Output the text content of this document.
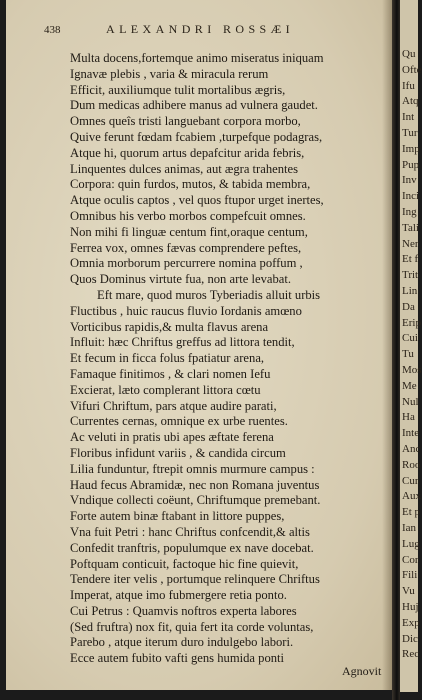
438	ALEXANDRI ROSSÆI
Multa docens,fortemque animo miseratus iniquam
Ignavæ plebis , varia & miracula rerum
Efficit, auxiliumque tulit mortalibus ægris,
Dum medicas adhibere manus ad vulnera gaudet.
Omnes queîs tristi languebant corpora morbo,
Quive ferunt fœdam fcabiem ,turpefque podagras,
Atque hi, quorum artus depafcitur arida febris,
Linquentes dulces animas, aut ægra trahentes
Corpora: quin furdos, mutos, & tabida membra,
Atque oculis captos , vel quos ftupor urget inertes,
Omnibus his verbo morbos compefcuit omnes.
Non mihi fi linguæ centum fint,oraque centum,
Ferrea vox, omnes fævas comprendere peftes,
Omnia morborum percurrere nomina poffum ,
Quos Dominus virtute fua, non arte levabat.
Eft mare, quod muros Tyberiadis alluit urbis
Fluctibus , huic raucus fluvio Iordanis amœno
Vorticibus rapidis,& multa flavus arena
Influit: hæc Chriftus greffus ad littora tendit,
Et fecum in ficca folus fpatiatur arena,
Famaque finitimos , & clari nomen Iefu
Excierat, læto complerant littora cœtu
Vifuri Chriftum, pars atque audire parati,
Currentes cernas, omnique ex urbe ruentes.
Ac veluti in pratis ubi apes æftate ferena
Floribus infidunt variis , & candida circum
Lilia funduntur, ftrepit omnis murmure campus :
Haud fecus Abramidæ, nec non Romana juventus
Vndique collecti coëunt, Chriftumque premebant.
Forte autem binæ ftabant in littore puppes,
Vna fuit Petri : hanc Chriftus confcendit,& altis
Confedit tranftris, populumque ex nave docebat.
Poftquam conticuit, factoque hic fine quievit,
Tendere iter velis , portumque relinquere Chriftus
Imperat, atque imo fubmergere retia ponto.
Cui Petrus : Quamvis noftros experta labores
(Sed fruftra) nox fit, quia fert ita corde voluntas,
Parebo , atque iterum duro indulgebo labori.
Ecce autem fubito vafti gens humida ponti
Agnovit
Qu
Ofte
Ifu
Atq
Int
Tur
Imp
Pup
Inv
Inci
Ing
Tali
Ner
Et f
Trit
Lin
Da
Erip
Cui
Tu
Mos
Me
Nul
Ha
Inte
Anc
Roo
Cur
Aux
Et p
Ian
Lug
Cor
Fili
Vu
Huj
Exp
Dic
Rec
